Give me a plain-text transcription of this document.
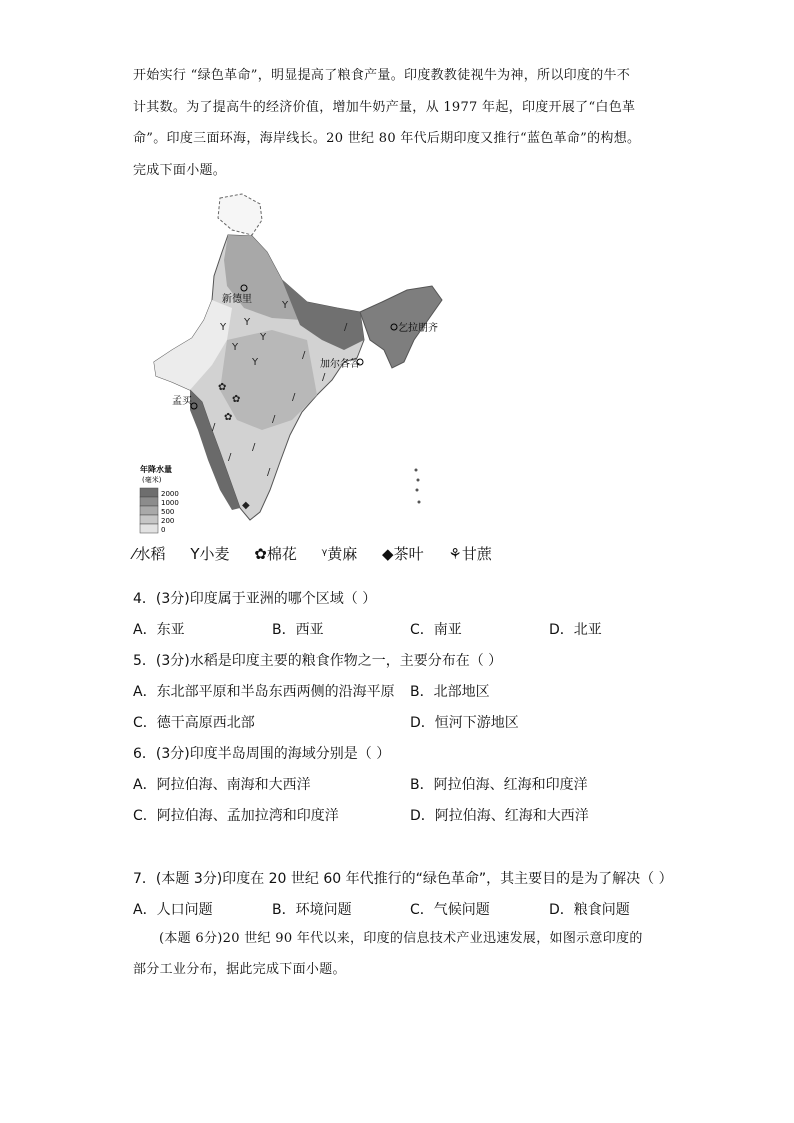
开始实行 “绿色革命”，明显提高了粮食产量。印度教教徒视牛为神，所以印度的牛不

计其数。为了提高牛的经济价值，增加牛奶产量，从 1977 年起，印度开展了“白色革

命”。印度三面环海，海岸线长。20 世纪 80 年代后期印度又推行“蓝色革命”的构想。

完成下面小题。

新德里
乞拉朋齐
加尔各答
孟买
Y
Y
Y
Y
Y
Y
/
/
/
/
/
/
/
/
/
✿
✿
✿
◆
年降水量
(毫米)
2000
1000
500
200
0
⁄水稻 Y小麦 ✿棉花 ᵞ黄麻 ◆茶叶 ⚘甘蔗
4．(3分)印度属于亚洲的哪个区域（ ）
A．东亚	B．西亚	C．南亚	D．北亚
5．(3分)水稻是印度主要的粮食作物之一，主要分布在（ ）
A．东北部平原和半岛东西两侧的沿海平原 B．北部地区
C．德干高原西北部	D．恒河下游地区
6．(3分)印度半岛周围的海域分别是（ ）
A．阿拉伯海、南海和大西洋	B．阿拉伯海、红海和印度洋
C．阿拉伯海、孟加拉湾和印度洋	D．阿拉伯海、红海和大西洋
7．(本题 3分)印度在 20 世纪 60 年代推行的“绿色革命”，其主要目的是为了解决（ ）
A．人口问题	B．环境问题	C．气候问题	D．粮食问题

(本题 6分)20 世纪 90 年代以来，印度的信息技术产业迅速发展，如图示意印度的

部分工业分布，据此完成下面小题。
